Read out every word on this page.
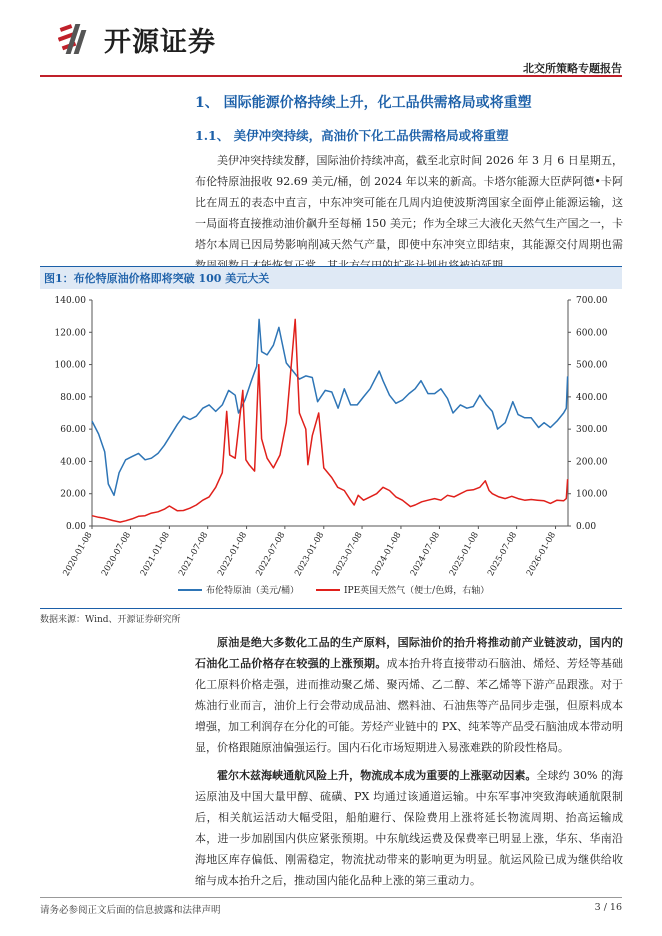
开源证券
北交所策略专题报告
1、 国际能源价格持续上升，化工品供需格局或将重塑
1.1、 美伊冲突持续，高油价下化工品供需格局或将重塑
美伊冲突持续发酵，国际油价持续冲高，截至北京时间 2026 年 3 月 6 日星期五，布伦特原油报收 92.69 美元/桶，创 2024 年以来的新高。卡塔尔能源大臣萨阿德•卡阿比在周五的表态中直言，中东冲突可能在几周内迫使波斯湾国家全面停止能源运输，这一局面将直接推动油价飙升至每桶 150 美元；作为全球三大液化天然气生产国之一，卡塔尔本周已因局势影响削减天然气产量，即使中东冲突立即结束，其能源交付周期也需
图1：布伦特原油价格即将突破 100 美元大关
0.00
20.00
40.00
60.00
80.00
100.00
120.00
140.00
0.00
100.00
200.00
300.00
400.00
500.00
600.00
700.00
2020-01-08 2020-07-08 2021-01-08 2021-07-08 2022-01-08 2022-07-08 2023-01-08 2023-07-08 2024-01-08 2024-07-08 2025-01-08 2025-07-08 2026-01-08
布伦特原油（美元/桶）	IPE英国天然气（便士/色姆，右轴）
数据来源：Wind、开源证券研究所
原油是绝大多数化工品的生产原料，国际油价的抬升将推动前产业链波动，国内的石油化工品价格存在较强的上涨预期。成本抬升将直接带动石脑油、烯烃、芳烃等基础化工原料价格走强，进而推动聚乙烯、聚丙烯、乙二醇、苯乙烯等下游产品跟涨。对于炼油行业而言，油价上行会带动成品油、燃料油、石油焦等产品同步走强，但原料成本增强，加工利润存在分化的可能。芳烃产业链中的 PX、纯苯等产品受石脑油成本带动明显，价格跟随原油偏强运行。国内石化市场短期进入易涨难跌的阶段性格局。
霍尔木兹海峡通航风险上升，物流成本成为重要的上涨驱动因素。全球约 30% 的海运原油及中国大量甲醇、硫磺、PX 均通过该通道运输。中东军事冲突致海峡通航限制后，相关航运活动大幅受阻，船舶避行、保险费用上涨将延长物流周期、抬高运输成本，进一步加剧国内供应紧张预期。中东航线运费及保费率已明显上涨，华东、华南沿海地区库存偏低、刚需稳定，物流扰动带来的影响更为明显。航运风险已成为继供给收缩与成本抬升之后，推动国内能化品种上涨的第三重动力。
请务必参阅正文后面的信息披露和法律声明	3 / 16
